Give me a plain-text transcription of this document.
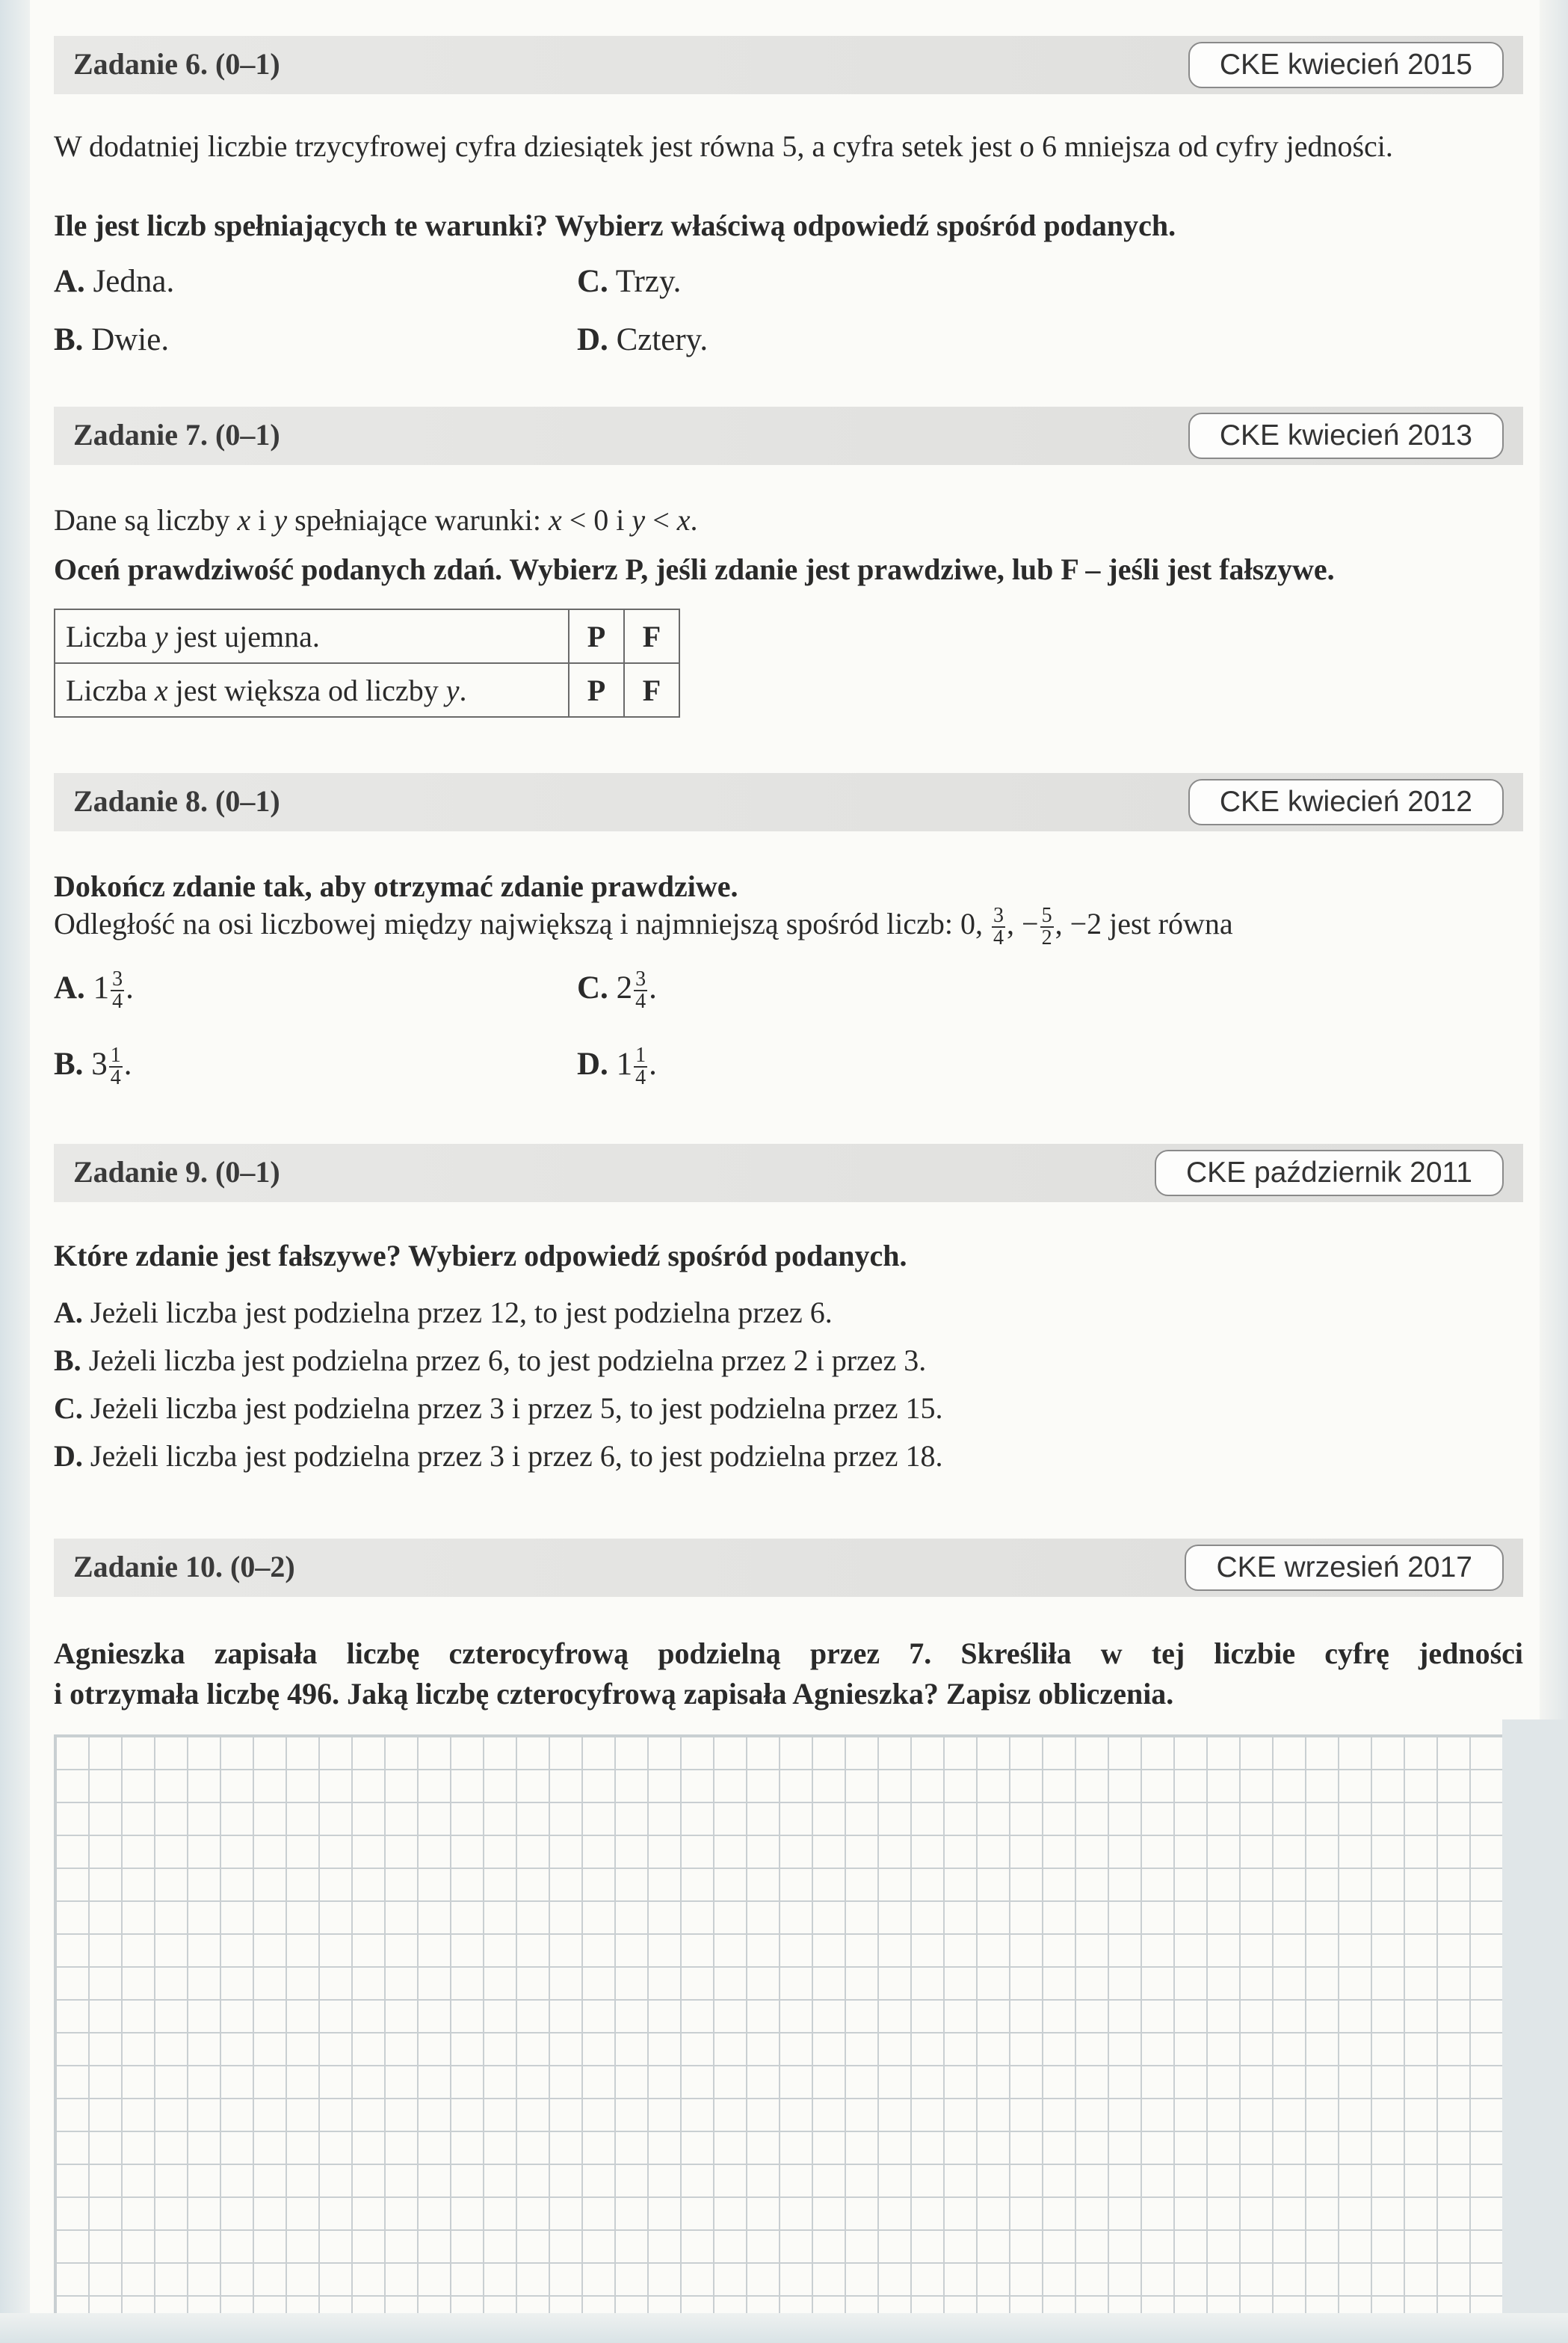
Zadanie 6. (0–1)	CKE kwiecień 2015
W dodatniej liczbie trzycyfrowej cyfra dziesiątek jest równa 5, a cyfra setek jest o 6 mniejsza od cyfry jedności.
Ile jest liczb spełniających te warunki? Wybierz właściwą odpowiedź spośród podanych.
A. Jedna.	C. Trzy.
B. Dwie.	D. Cztery.
Zadanie 7. (0–1)	CKE kwiecień 2013
Dane są liczby x i y spełniające warunki: x < 0 i y < x.
Oceń prawdziwość podanych zdań. Wybierz P, jeśli zdanie jest prawdziwe, lub F – jeśli jest fałszywe.
Liczba y jest ujemna.	P	F
Liczba x jest większa od liczby y.	P	F
Zadanie 8. (0–1)	CKE kwiecień 2012
Dokończ zdanie tak, aby otrzymać zdanie prawdziwe.
Odległość na osi liczbowej między największą i najmniejszą spośród liczb: 0, $\frac{3}{4}$ , − $\frac{5}{2}$ , −2 jest równa
A. $1 \frac{3}{4}$ .	C. $2 \frac{3}{4}$ .
B. $3 \frac{1}{4}$ .	D. $1 \frac{1}{4}$ .
Zadanie 9. (0–1)	CKE październik 2011
Które zdanie jest fałszywe? Wybierz odpowiedź spośród podanych.
A. Jeżeli liczba jest podzielna przez 12, to jest podzielna przez 6.
B. Jeżeli liczba jest podzielna przez 6, to jest podzielna przez 2 i przez 3.
C. Jeżeli liczba jest podzielna przez 3 i przez 5, to jest podzielna przez 15.
D. Jeżeli liczba jest podzielna przez 3 i przez 6, to jest podzielna przez 18.
Zadanie 10. (0–2)	CKE wrzesień 2017
Agnieszka zapisała liczbę czterocyfrową podzielną przez 7. Skreśliła w tej liczbie cyfrę jedności
i otrzymała liczbę 496. Jaką liczbę czterocyfrową zapisała Agnieszka? Zapisz obliczenia.
